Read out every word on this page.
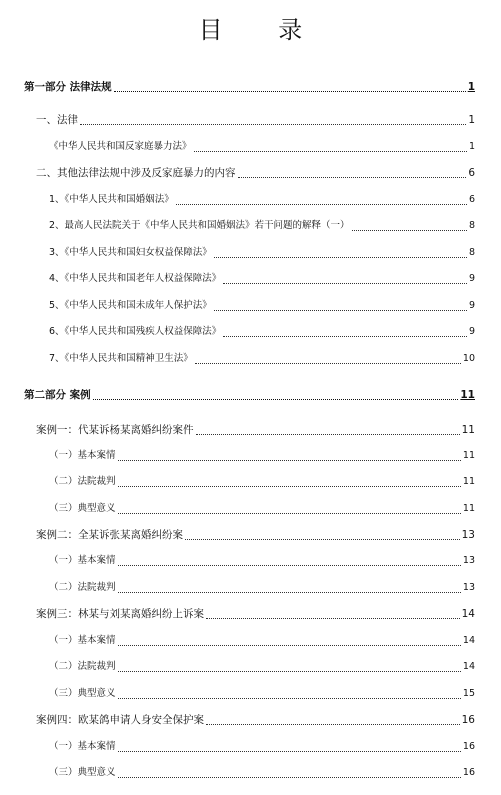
目 录
第一部分 法律法规	1
一、法律	1
《中华人民共和国反家庭暴力法》	1
二、其他法律法规中涉及反家庭暴力的内容	6
1、《中华人民共和国婚姻法》	6
2、最高人民法院关于《中华人民共和国婚姻法》若干问题的解释（一）	8
3、《中华人民共和国妇女权益保障法》	8
4、《中华人民共和国老年人权益保障法》	9
5、《中华人民共和国未成年人保护法》	9
6、《中华人民共和国残疾人权益保障法》	9
7、《中华人民共和国精神卫生法》	10
第二部分 案例	11
案例一：代某诉杨某离婚纠纷案件	11
（一）基本案情	11
（二）法院裁判	11
（三）典型意义	11
案例二：全某诉张某离婚纠纷案	13
（一）基本案情	13
（二）法院裁判	13
案例三：林某与刘某离婚纠纷上诉案	14
（一）基本案情	14
（二）法院裁判	14
（三）典型意义	15
案例四：欧某鸽申请人身安全保护案	16
（一）基本案情	16
（三）典型意义	16
